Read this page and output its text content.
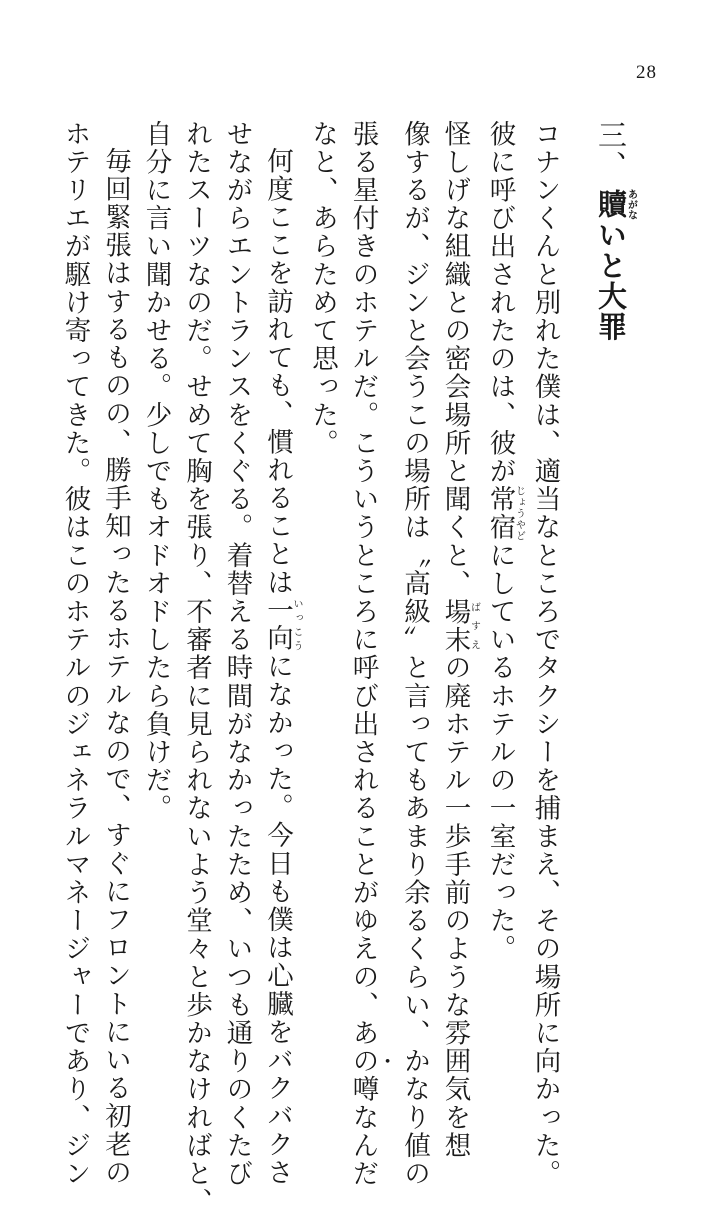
28
三、贖あがないと大罪

コナンくんと別れた僕は、適当なところでタクシーを捕まえ、その場所に向かった。

彼に呼び出されたのは、彼が常宿じょうやどにしているホテルの一室だった。

怪しげな組織との密会場所と聞くと、場末ばすえの廃ホテル一歩手前のような雰囲気を想

像するが、ジンと会うこの場所は〝高級〟と言ってもあまり余るくらい、かなり値の

張る星付きのホテルだ。こういうところに呼び出されることがゆえの、あの噂なんだ

なと、あらためて思った。

何度ここを訪れても、慣れることは一向いっこうになかった。今日も僕は心臓をバクバクさ

せながらエントランスをくぐる。着替える時間がなかったため、いつも通りのくたび

れたスーツなのだ。せめて胸を張り、不審者に見られないよう堂々と歩かなければと、

自分に言い聞かせる。少しでもオドオドしたら負けだ。

毎回緊張はするものの、勝手知ったるホテルなので、すぐにフロントにいる初老の

ホテリエが駆け寄ってきた。彼はこのホテルのジェネラルマネージャーであり、ジン
